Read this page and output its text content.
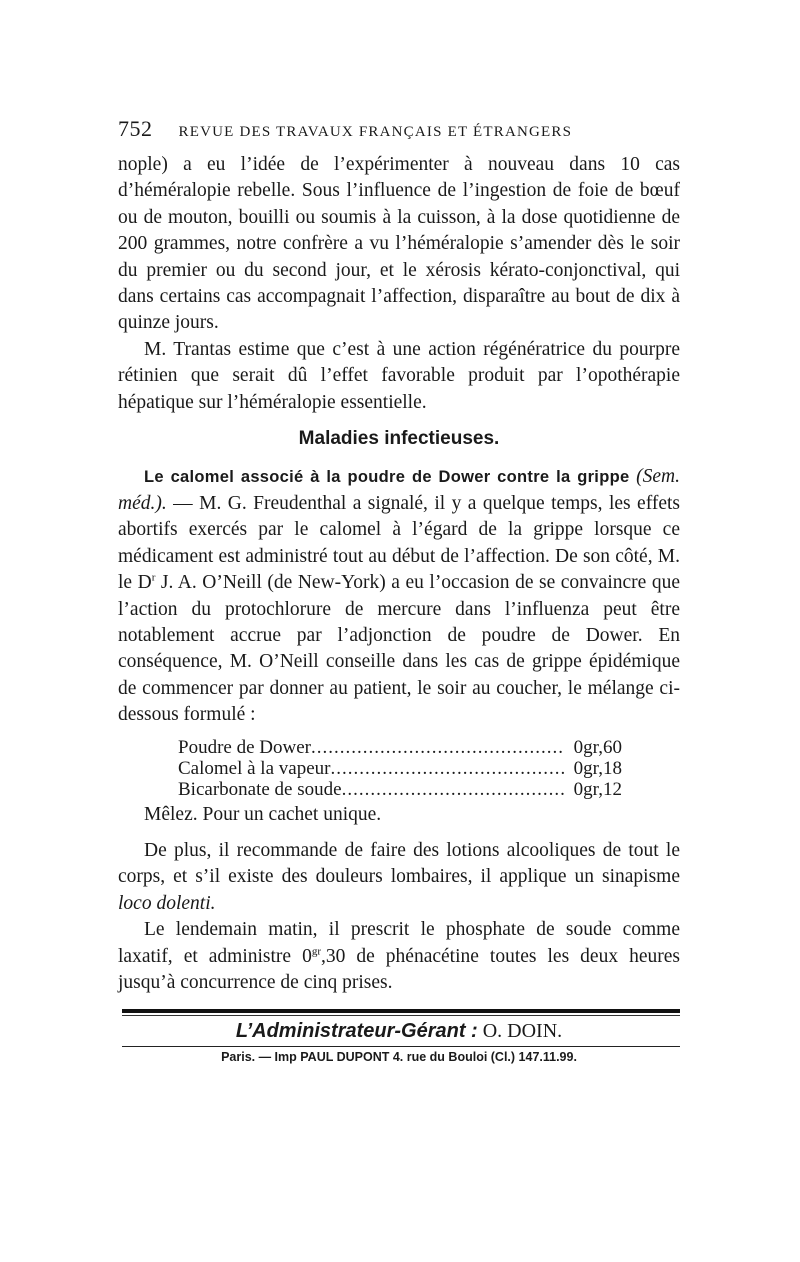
752 REVUE DES TRAVAUX FRANÇAIS ET ÉTRANGERS

nople) a eu l’idée de l’expérimenter à nouveau dans 10 cas d’héméralopie rebelle. Sous l’influence de l’ingestion de foie de bœuf ou de mouton, bouilli ou soumis à la cuisson, à la dose quotidienne de 200 grammes, notre confrère a vu l’héméralopie s’amender dès le soir du premier ou du second jour, et le xérosis kérato-conjonctival, qui dans certains cas accompagnait l’affection, disparaître au bout de dix à quinze jours.

M. Trantas estime que c’est à une action régénératrice du pourpre rétinien que serait dû l’effet favorable produit par l’opothérapie hépatique sur l’héméralopie essentielle.

Maladies infectieuses.

Le calomel associé à la poudre de Dower contre la grippe (Sem. méd.). — M. G. Freudenthal a signalé, il y a quelque temps, les effets abortifs exercés par le calomel à l’égard de la grippe lorsque ce médicament est administré tout au début de l’affection. De son côté, M. le $D^r$ J. A. O’Neill (de New-York) a eu l’occasion de se convaincre que l’action du protochlorure de mercure dans l’influenza peut être notablement accrue par l’adjonction de poudre de Dower. En conséquence, M. O’Neill conseille dans les cas de grippe épidémique de commencer par donner au patient, le soir au coucher, le mélange ci-dessous formulé :

Poudre de Dower .....	0gr,60
Calomel à la vapeur .....	0gr,18
Bicarbonate de soude .....	0gr,12

Mêlez. Pour un cachet unique.

De plus, il recommande de faire des lotions alcooliques de tout le corps, et s’il existe des douleurs lombaires, il applique un sinapisme loco dolenti.

Le lendemain matin, il prescrit le phosphate de soude comme laxatif, et administre $0^{gr},30$ de phénacétine toutes les deux heures jusqu’à concurrence de cinq prises.

L’Administrateur-Gérant : O. DOIN.
Paris. — Imp PAUL DUPONT 4. rue du Bouloi (Cl.) 147.11.99.
